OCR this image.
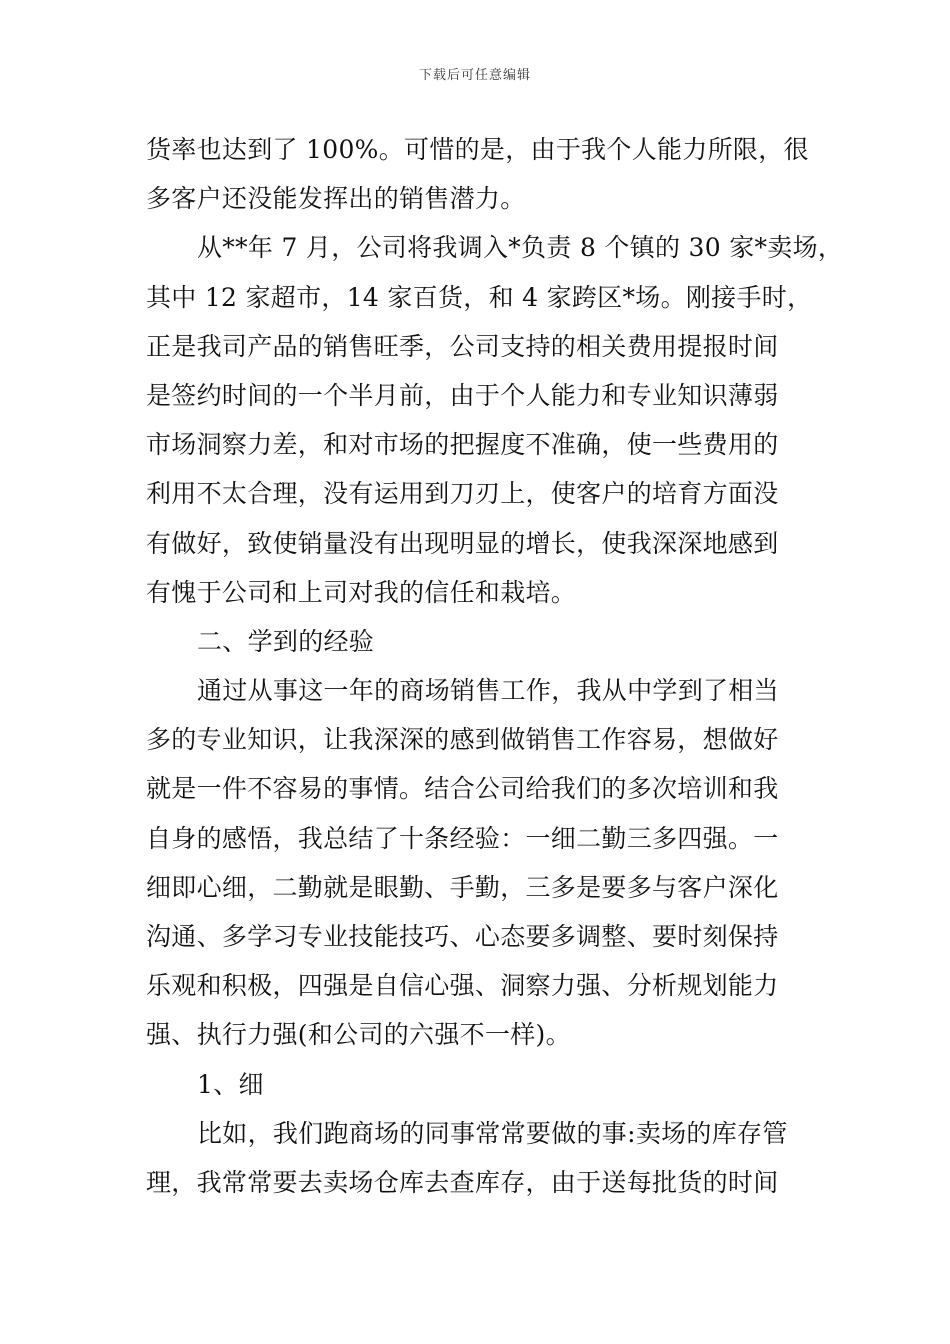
下载后可任意编辑
货率也达到了 100%。可惜的是，由于我个人能力所限，很
多客户还没能发挥出的销售潜力。
从**年 7 月，公司将我调入*负责 8 个镇的 30 家*卖场，
其中 12 家超市，14 家百货，和 4 家跨区*场。刚接手时，
正是我司产品的销售旺季，公司支持的相关费用提报时间
是签约时间的一个半月前，由于个人能力和专业知识薄弱
市场洞察力差，和对市场的把握度不准确，使一些费用的
利用不太合理，没有运用到刀刃上，使客户的培育方面没
有做好，致使销量没有出现明显的增长，使我深深地感到
有愧于公司和上司对我的信任和栽培。
二、学到的经验
通过从事这一年的商场销售工作，我从中学到了相当
多的专业知识，让我深深的感到做销售工作容易，想做好
就是一件不容易的事情。结合公司给我们的多次培训和我
自身的感悟，我总结了十条经验：一细二勤三多四强。一
细即心细，二勤就是眼勤、手勤，三多是要多与客户深化
沟通、多学习专业技能技巧、心态要多调整、要时刻保持
乐观和积极，四强是自信心强、洞察力强、分析规划能力
强、执行力强(和公司的六强不一样)。
1、细
比如，我们跑商场的同事常常要做的事:卖场的库存管
理，我常常要去卖场仓库去查库存，由于送每批货的时间
